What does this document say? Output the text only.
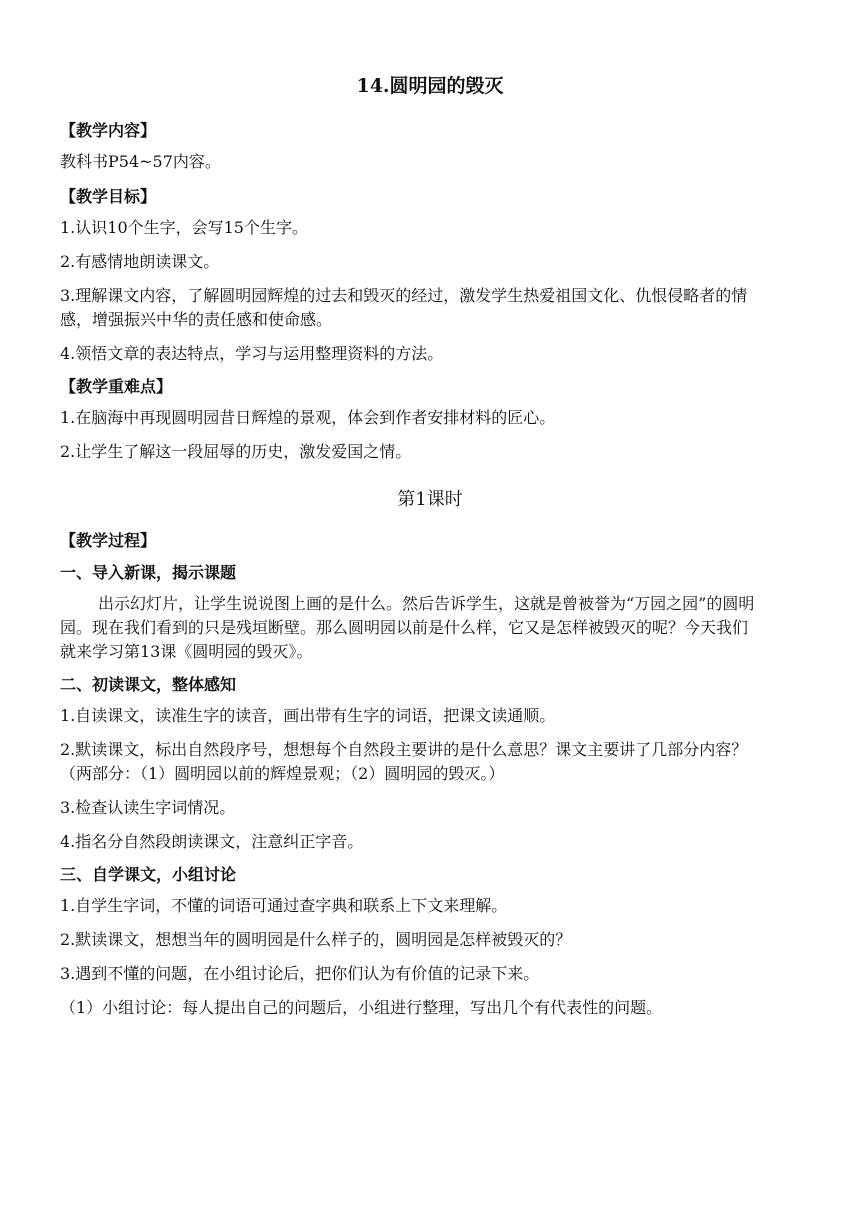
14.圆明园的毁灭
【教学内容】
教科书P54~57内容。
【教学目标】
1.认识10个生字，会写15个生字。
2.有感情地朗读课文。
3.理解课文内容，了解圆明园辉煌的过去和毁灭的经过，激发学生热爱祖国文化、仇恨侵略者的情感，增强振兴中华的责任感和使命感。
4.领悟文章的表达特点，学习与运用整理资料的方法。
【教学重难点】
1.在脑海中再现圆明园昔日辉煌的景观，体会到作者安排材料的匠心。
2.让学生了解这一段屈辱的历史，激发爱国之情。
第1课时
【教学过程】
一、导入新课，揭示课题
出示幻灯片，让学生说说图上画的是什么。然后告诉学生，这就是曾被誉为“万园之园”的圆明园。现在我们看到的只是残垣断壁。那么圆明园以前是什么样，它又是怎样被毁灭的呢？今天我们就来学习第13课《圆明园的毁灭》。
二、初读课文，整体感知
1.自读课文，读准生字的读音，画出带有生字的词语，把课文读通顺。
2.默读课文，标出自然段序号，想想每个自然段主要讲的是什么意思？课文主要讲了几部分内容？
（两部分：（1）圆明园以前的辉煌景观；（2）圆明园的毁灭。）
3.检查认读生字词情况。
4.指名分自然段朗读课文，注意纠正字音。
三、自学课文，小组讨论
1.自学生字词，不懂的词语可通过查字典和联系上下文来理解。
2.默读课文，想想当年的圆明园是什么样子的，圆明园是怎样被毁灭的？
3.遇到不懂的问题，在小组讨论后，把你们认为有价值的记录下来。
（1）小组讨论：每人提出自己的问题后，小组进行整理，写出几个有代表性的问题。
